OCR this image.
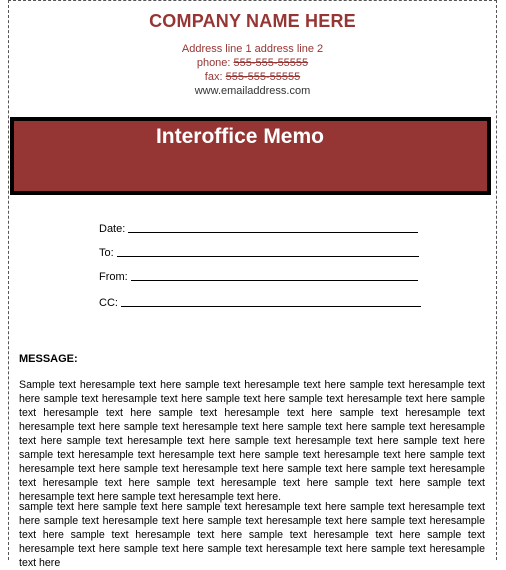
COMPANY NAME HERE
Address line 1 address line 2
phone: 555-555-55555
fax: 555-555-55555
www.emailaddress.com
Interoffice Memo
Date:
To:
From:
CC:
MESSAGE:
Sample text heresample text here sample text heresample text here sample text heresample text here sample text heresample text here sample text here sample text heresample text here sample text heresample text here sample text heresample text here sample text heresample text heresample text here sample text heresample text here sample text here sample text heresample text here sample text heresample text here sample text heresample text here sample text here sample text heresample text heresample text here sample text heresample text here sample text heresample text here sample text heresample text here sample text here sample text heresample text heresample text here sample text heresample text here sample text here sample text heresample text here sample text heresample text here.
sample text here sample text here sample text heresample text here sample text heresample text here sample text heresample text here sample text heresample text here sample text heresample text here sample text heresample text here sample text heresample text here sample text heresample text here sample text here sample text heresample text here sample text heresample text here
